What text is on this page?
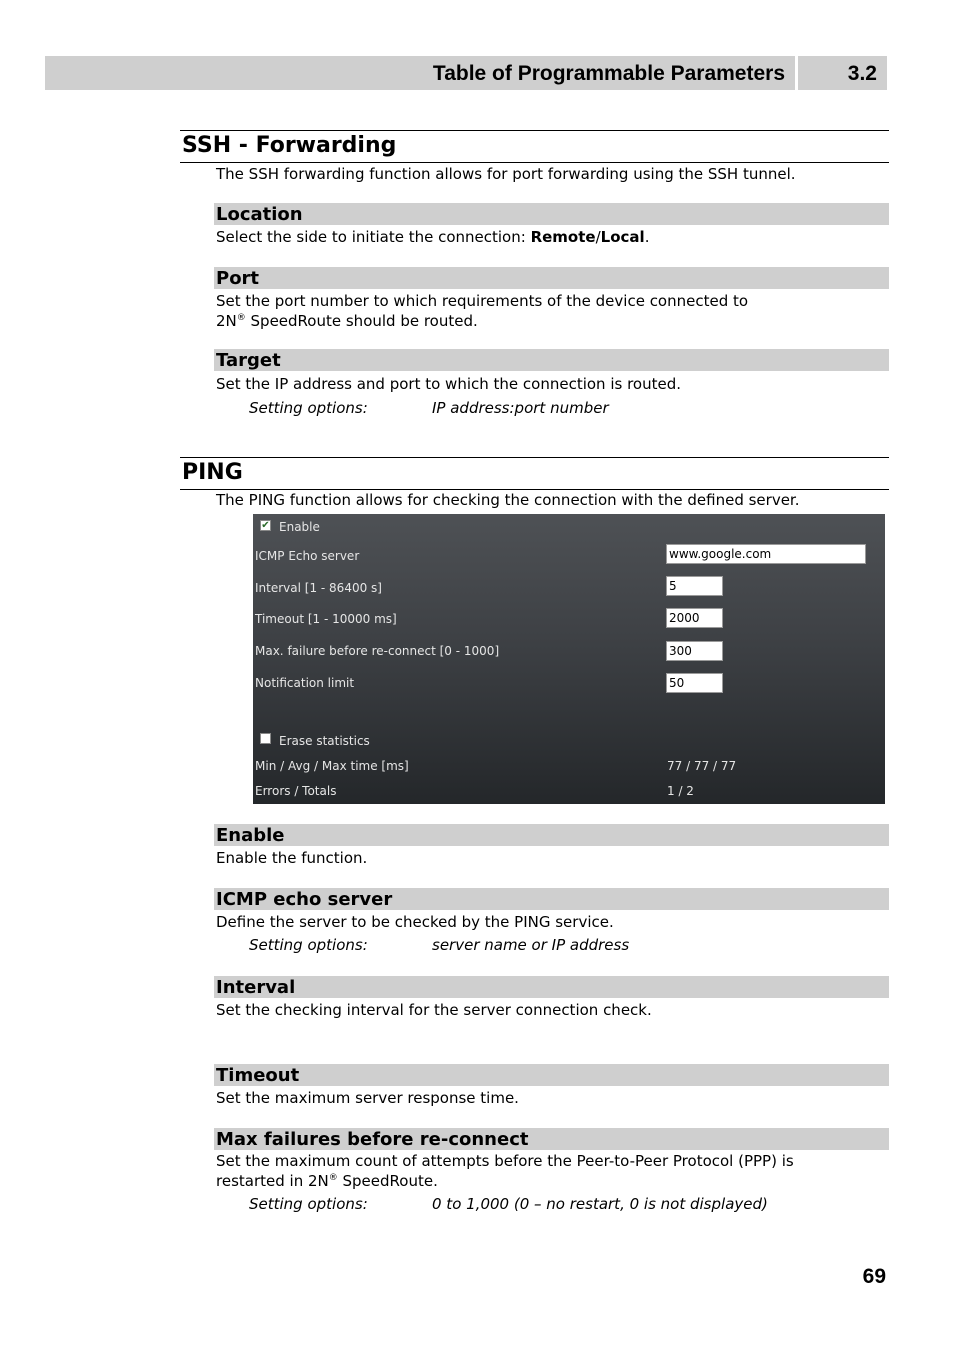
Table of Programmable Parameters	3.2
SSH - Forwarding
The SSH forwarding function allows for port forwarding using the SSH tunnel.
Location
Select the side to initiate the connection: Remote/Local.
Port
Set the port number to which requirements of the device connected to
2N® SpeedRoute should be routed.
Target
Set the IP address and port to which the connection is routed.
Setting options:	IP address:port number
PING
The PING function allows for checking the connection with the defined server.
✔ Enable
ICMP Echo server	www.google.com
Interval [1 - 86400 s]	5
Timeout [1 - 10000 ms]	2000
Max. failure before re-connect [0 - 1000]	300
Notification limit	50
Erase statistics
Min / Avg / Max time [ms]	77 / 77 / 77
Errors / Totals	1 / 2
Enable
Enable the function.
ICMP echo server
Define the server to be checked by the PING service.
Setting options:	server name or IP address
Interval
Set the checking interval for the server connection check.
Timeout
Set the maximum server response time.
Max failures before re-connect
Set the maximum count of attempts before the Peer-to-Peer Protocol (PPP) is
restarted in 2N® SpeedRoute.
Setting options:	0 to 1,000 (0 – no restart, 0 is not displayed)
69
